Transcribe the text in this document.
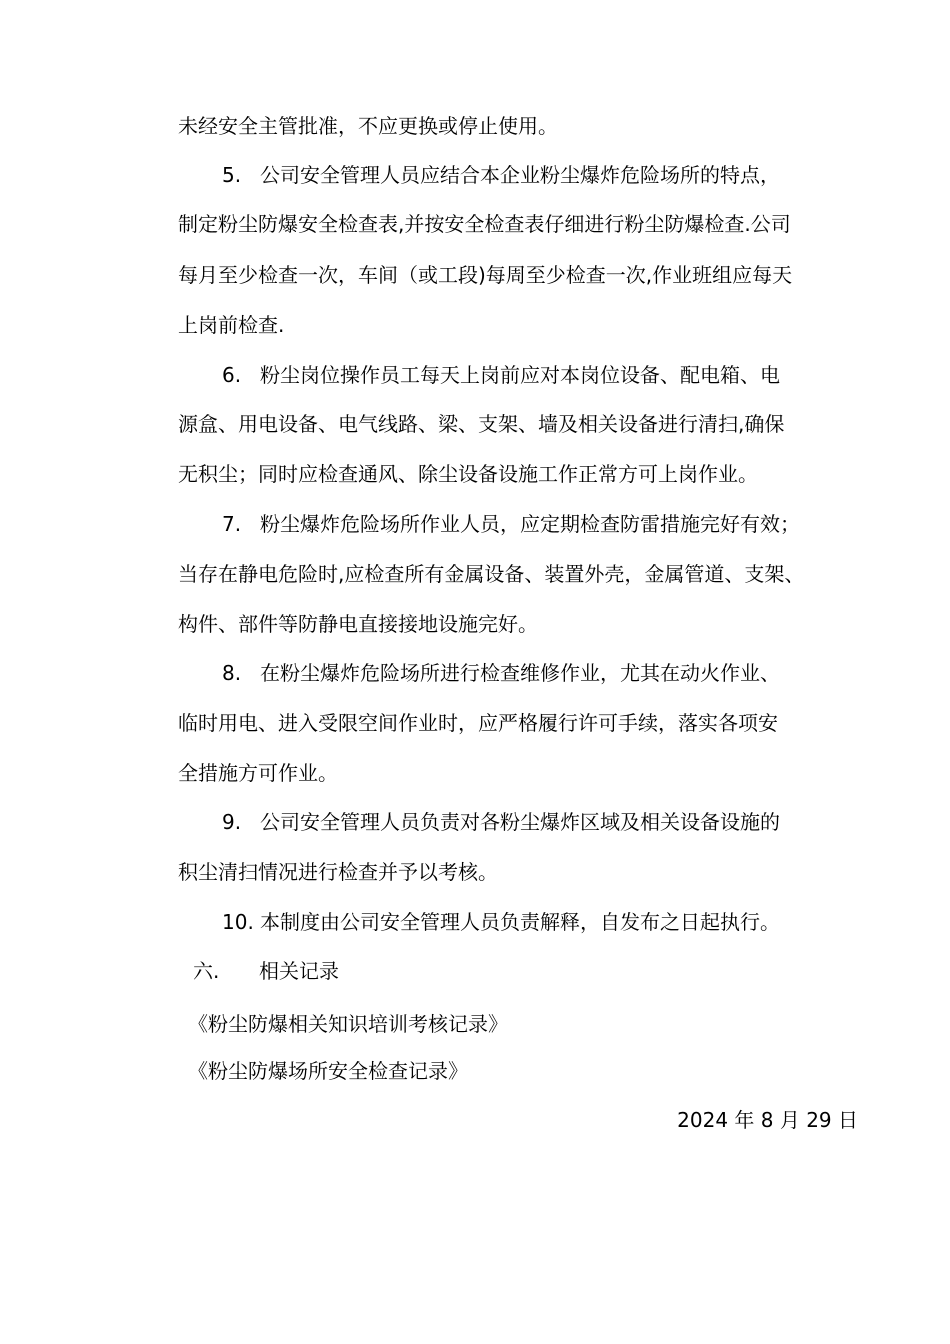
未经安全主管批准，不应更换或停止使用。
5. 公司安全管理人员应结合本企业粉尘爆炸危险场所的特点，
制定粉尘防爆安全检查表,并按安全检查表仔细进行粉尘防爆检查.公司
每月至少检查一次，车间（或工段)每周至少检查一次,作业班组应每天
上岗前检查.
6. 粉尘岗位操作员工每天上岗前应对本岗位设备、配电箱、电
源盒、用电设备、电气线路、梁、支架、墙及相关设备进行清扫,确保
无积尘；同时应检查通风、除尘设备设施工作正常方可上岗作业。
7. 粉尘爆炸危险场所作业人员，应定期检查防雷措施完好有效；
当存在静电危险时,应检查所有金属设备、装置外壳，金属管道、支架、
构件、部件等防静电直接接地设施完好。
8. 在粉尘爆炸危险场所进行检查维修作业，尤其在动火作业、
临时用电、进入受限空间作业时，应严格履行许可手续，落实各项安
全措施方可作业。
9. 公司安全管理人员负责对各粉尘爆炸区域及相关设备设施的
积尘清扫情况进行检查并予以考核。
10. 本制度由公司安全管理人员负责解释，自发布之日起执行。
六. 相关记录
《粉尘防爆相关知识培训考核记录》
《粉尘防爆场所安全检查记录》
2024 年 8 月 29 日
